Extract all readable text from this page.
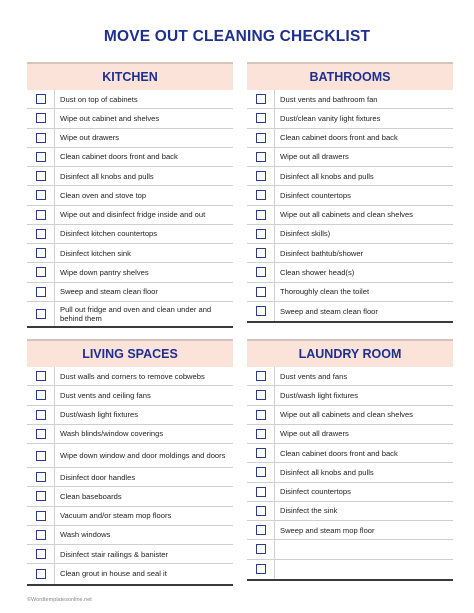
MOVE OUT CLEANING CHECKLIST
KITCHEN
Dust on top of cabinets
Wipe out cabinet and shelves
Wipe out drawers
Clean cabinet doors front and back
Disinfect all knobs and pulls
Clean oven and stove top
Wipe out and disinfect fridge inside and out
Disinfect kitchen countertops
Disinfect kitchen sink
Wipe down pantry shelves
Sweep and steam clean floor
Pull out fridge and oven and clean under and behind them
BATHROOMS
Dust vents and bathroom fan
Dust/clean vanity light fixtures
Clean cabinet doors front and back
Wipe out all drawers
Disinfect all knobs and pulls
Disinfect countertops
Wipe out all cabinets and clean shelves
Disinfect skills)
Disinfect bathtub/shower
Clean shower head(s)
Thoroughly clean the toilet
Sweep and steam clean floor
LIVING SPACES
Dust walls and corners to remove cobwebs
Dust vents and ceiling fans
Dust/wash light fixtures
Wash blinds/window coverings
Wipe down window and door moldings and doors
Disinfect door handles
Clean baseboards
Vacuum and/or steam mop floors
Wash windows
Disinfect stair railings & banister
Clean grout in house and seal it
LAUNDRY ROOM
Dust vents and fans
Dust/wash light fixtures
Wipe out all cabinets and clean shelves
Wipe out all drawers
Clean cabinet doors front and back
Disinfect all knobs and pulls
Disinfect countertops
Disinfect the sink
Sweep and steam mop floor
©Wordtemplatesonline.net
